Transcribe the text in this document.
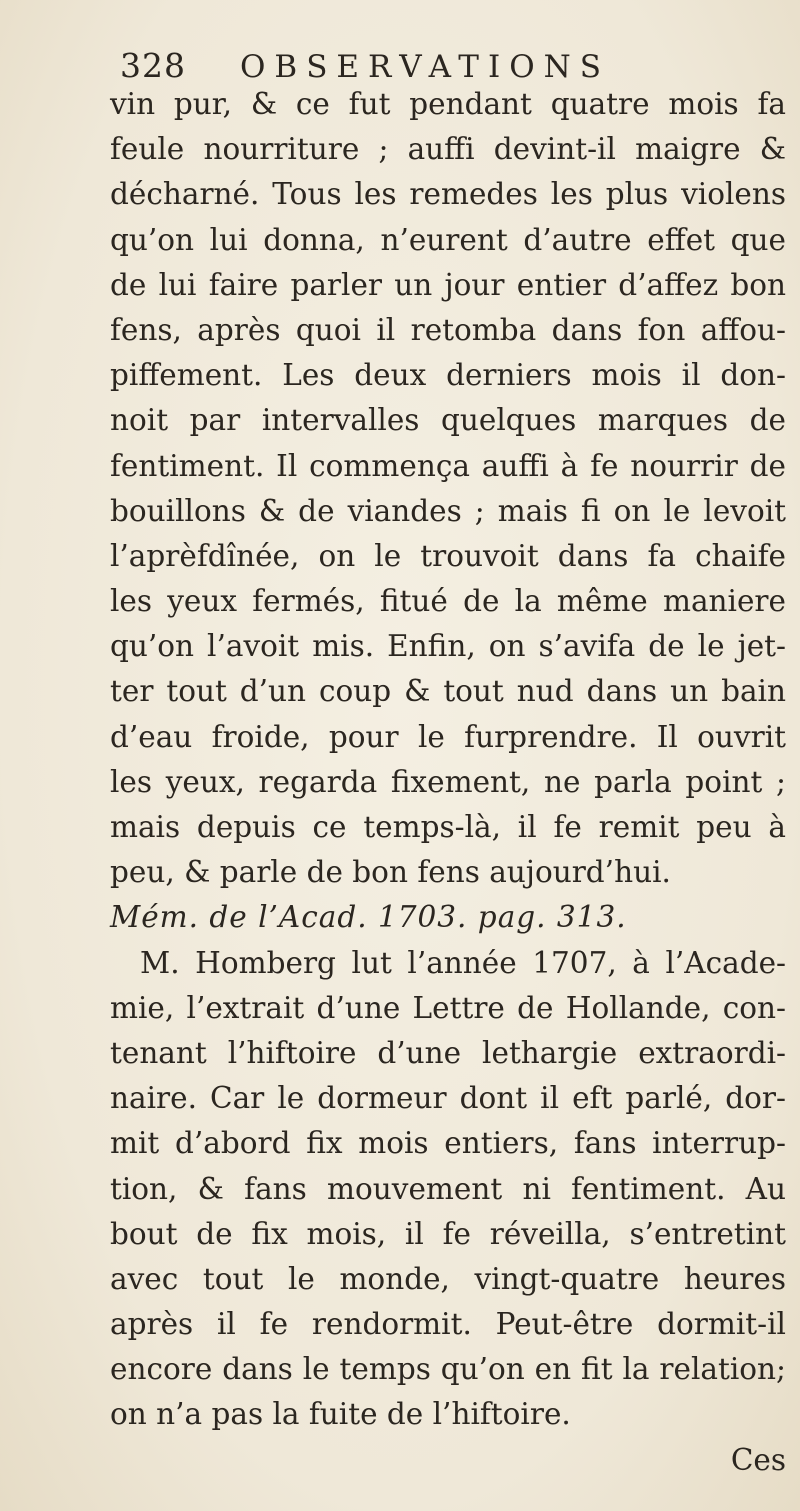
328 OBSERVATIONS
vin pur, & ce fut pendant quatre mois fa
feule nourriture ; auffi devint-il maigre &
décharné. Tous les remedes les plus violens
qu’on lui donna, n’eurent d’autre effet que
de lui faire parler un jour entier d’affez bon
fens, après quoi il retomba dans fon affou-
piffement. Les deux derniers mois il don-
noit par intervalles quelques marques de
fentiment. Il commença auffi à fe nourrir de
bouillons & de viandes ; mais fi on le levoit
l’aprèfdînée, on le trouvoit dans fa chaife
les yeux fermés, fitué de la même maniere
qu’on l’avoit mis. Enfin, on s’avifa de le jet-
ter tout d’un coup & tout nud dans un bain
d’eau froide, pour le furprendre. Il ouvrit
les yeux, regarda fixement, ne parla point ;
mais depuis ce temps-là, il fe remit peu à
peu, & parle de bon fens aujourd’hui.
Mém. de l’Acad. 1703. pag. 313.
M. Homberg lut l’année 1707, à l’Acade-
mie, l’extrait d’une Lettre de Hollande, con-
tenant l’hiftoire d’une lethargie extraordi-
naire. Car le dormeur dont il eft parlé, dor-
mit d’abord fix mois entiers, fans interrup-
tion, & fans mouvement ni fentiment. Au
bout de fix mois, il fe réveilla, s’entretint
avec tout le monde, vingt-quatre heures
après il fe rendormit. Peut-être dormit-il
encore dans le temps qu’on en fit la relation;
on n’a pas la fuite de l’hiftoire.
Ces
